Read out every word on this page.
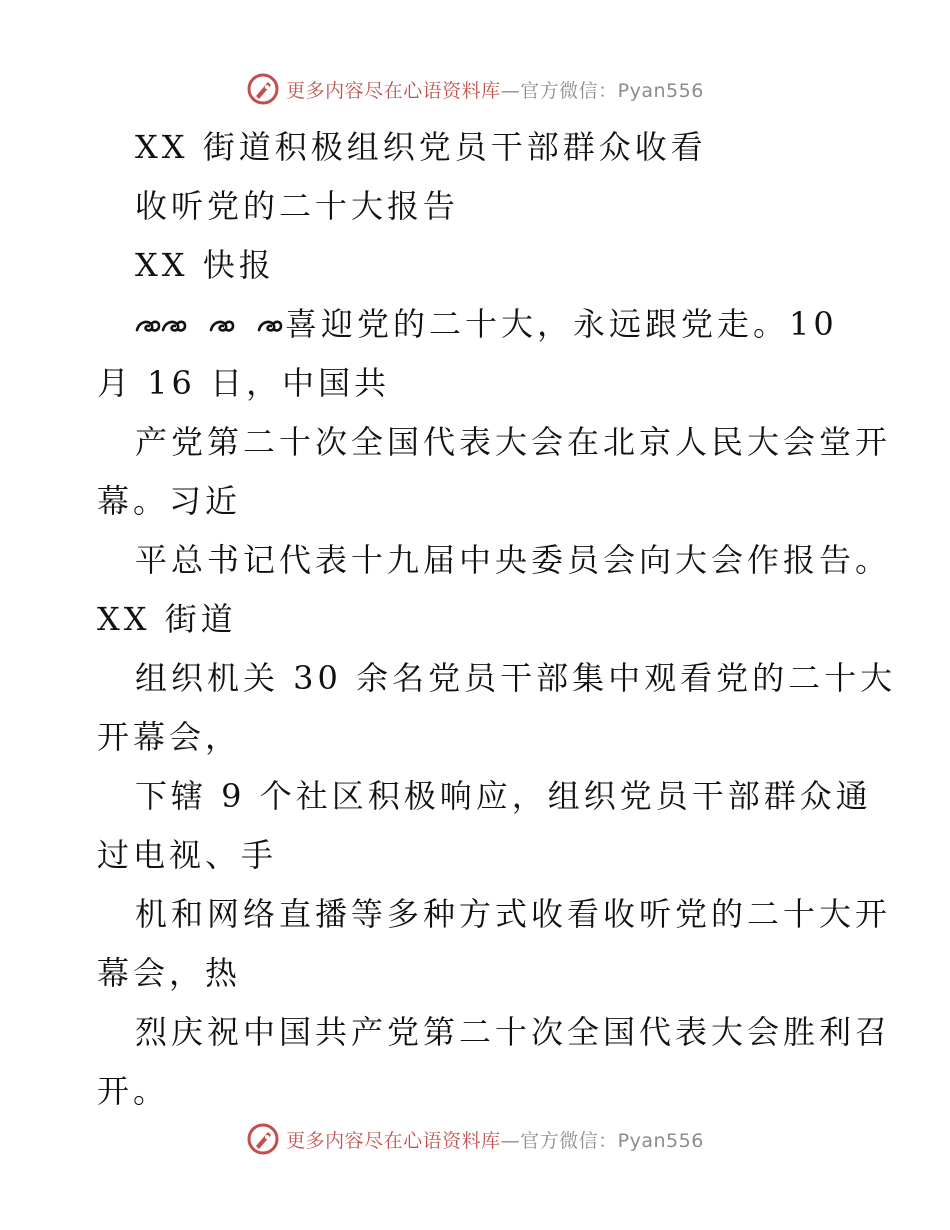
更多内容尽在心语资料库—官方微信：Pyan556
XX 街道积极组织党员干部群众收看
收听党的二十大报告
XX 快报
喜迎党的二十大，永远跟党走。10
月 16 日，中国共
产党第二十次全国代表大会在北京人民大会堂开
幕。习近
平总书记代表十九届中央委员会向大会作报告。
XX 街道
组织机关 30 余名党员干部集中观看党的二十大
开幕会，
下辖 9 个社区积极响应，组织党员干部群众通
过电视、手
机和网络直播等多种方式收看收听党的二十大开
幕会，热
烈庆祝中国共产党第二十次全国代表大会胜利召
开。
更多内容尽在心语资料库—官方微信：Pyan556
